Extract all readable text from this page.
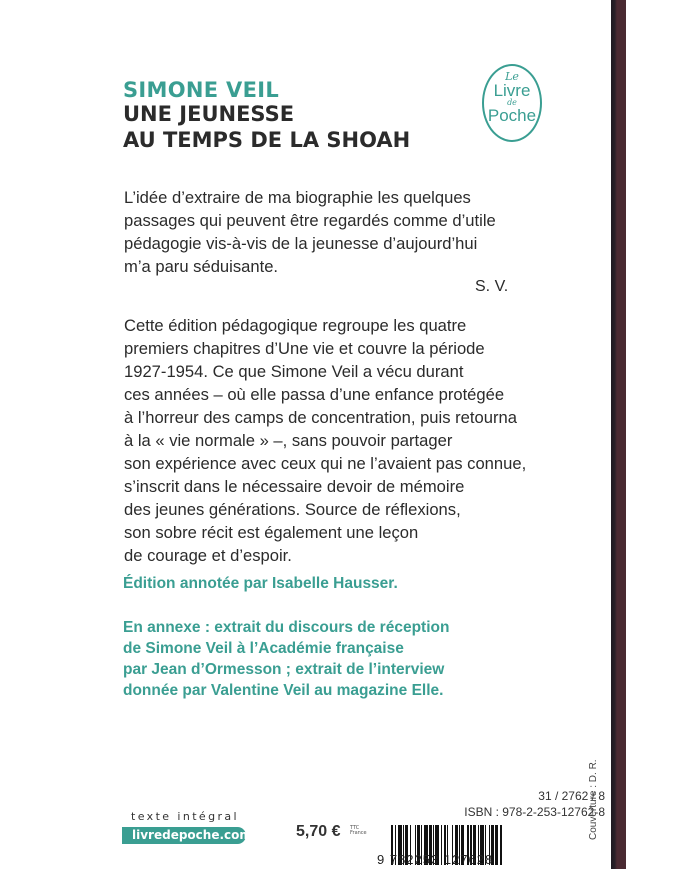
SIMONE VEIL
UNE JEUNESSE
AU TEMPS DE LA SHOAH
Le
Livre
de
Poche
L’idée d’extraire de ma biographie les quelques
passages qui peuvent être regardés comme d’utile
pédagogie vis-à-vis de la jeunesse d’aujourd’hui
m’a paru séduisante.
S. V.
Cette édition pédagogique regroupe les quatre
premiers chapitres d’Une vie et couvre la période
1927-1954. Ce que Simone Veil a vécu durant
ces années – où elle passa d’une enfance protégée
à l’horreur des camps de concentration, puis retourna
à la « vie normale » –, sans pouvoir partager
son expérience avec ceux qui ne l’avaient pas connue,
s’inscrit dans le nécessaire devoir de mémoire
des jeunes générations. Source de réflexions,
son sobre récit est également une leçon
de courage et d’espoir.
Édition annotée par Isabelle Hausser.
En annexe : extrait du discours de réception
de Simone Veil à l’Académie française
par Jean d’Ormesson ; extrait de l’interview
donnée par Valentine Veil au magazine Elle.
texte intégral
livredepoche.com	5,70 € TTC
France
31 / 2762 / 8
ISBN : 978-2-253-12762-8
9 782253 127628
Couverture : D. R.
